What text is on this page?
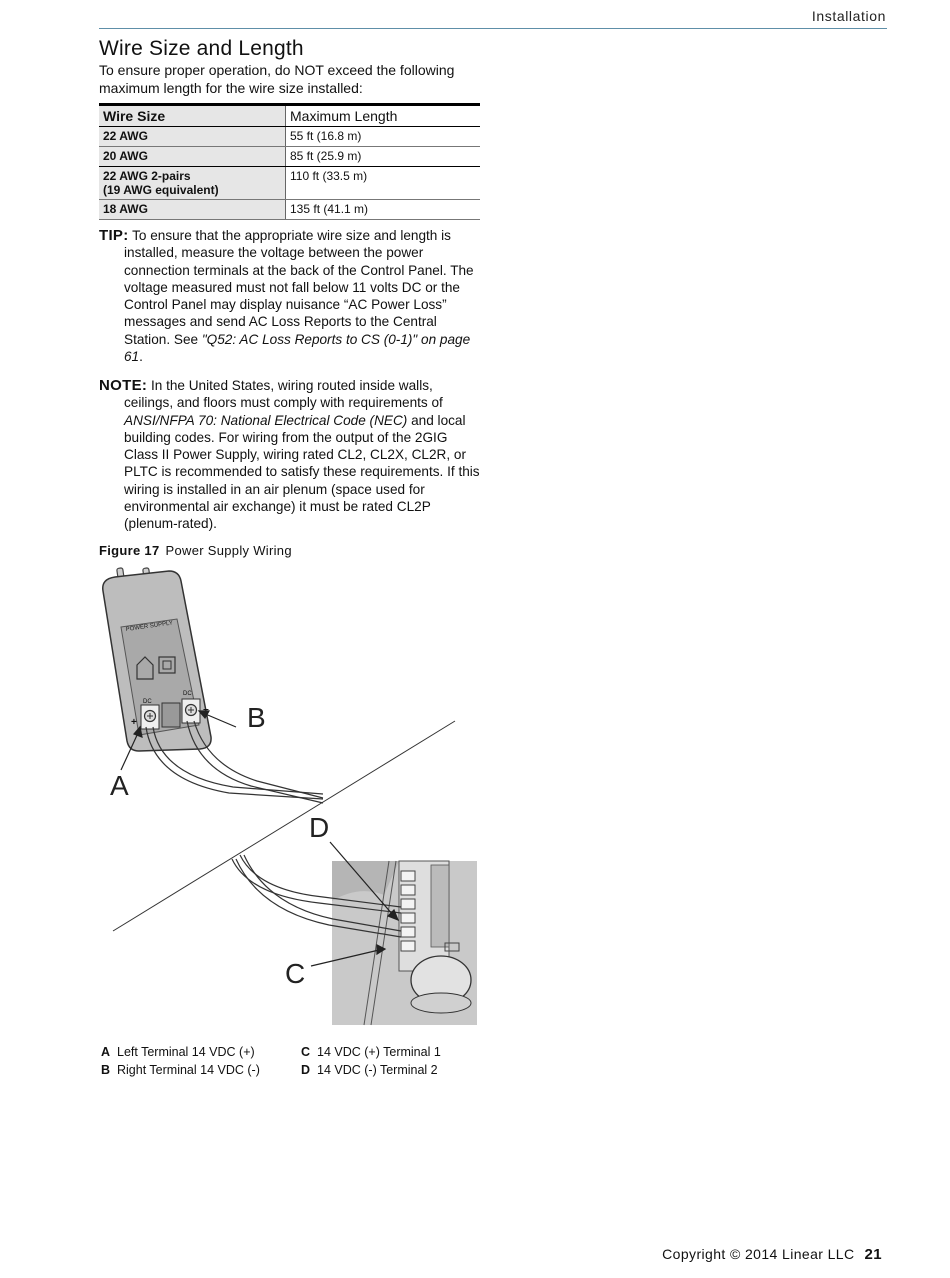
Installation
Wire Size and Length

To ensure proper operation, do NOT exceed the following maximum length for the wire size installed:

Wire Size	Maximum Length
22 AWG	55 ft (16.8 m)
20 AWG	85 ft (25.9 m)
22 AWG 2-pairs
(19 AWG equivalent)	110 ft (33.5 m)
18 AWG	135 ft (41.1 m)

TIP: To ensure that the appropriate wire size and length is installed, measure the voltage between the power connection terminals at the back of the Control Panel. The voltage measured must not fall below 11 volts DC or the Control Panel may display nuisance “AC Power Loss” messages and send AC Loss Reports to the Central Station. See "Q52: AC Loss Reports to CS (0-1)" on page 61.

NOTE: In the United States, wiring routed inside walls, ceilings, and floors must comply with requirements of ANSI/NFPA 70: National Electrical Code (NEC) and local building codes. For wiring from the output of the 2GIG Class II Power Supply, wiring rated CL2, CL2X, CL2R, or PLTC is recommended to satisfy these requirements. If this wiring is installed in an air plenum (space used for environmental air exchange) it must be rated CL2P (plenum-rated).

Figure 17 Power Supply Wiring
POWER SUPPLY
DC
DC
+
A
B
C
D
A Left Terminal 14 VDC (+)
B Right Terminal 14 VDC (-)
C 14 VDC (+) Terminal 1
D 14 VDC (-) Terminal 2
Copyright © 2014 Linear LLC 21
